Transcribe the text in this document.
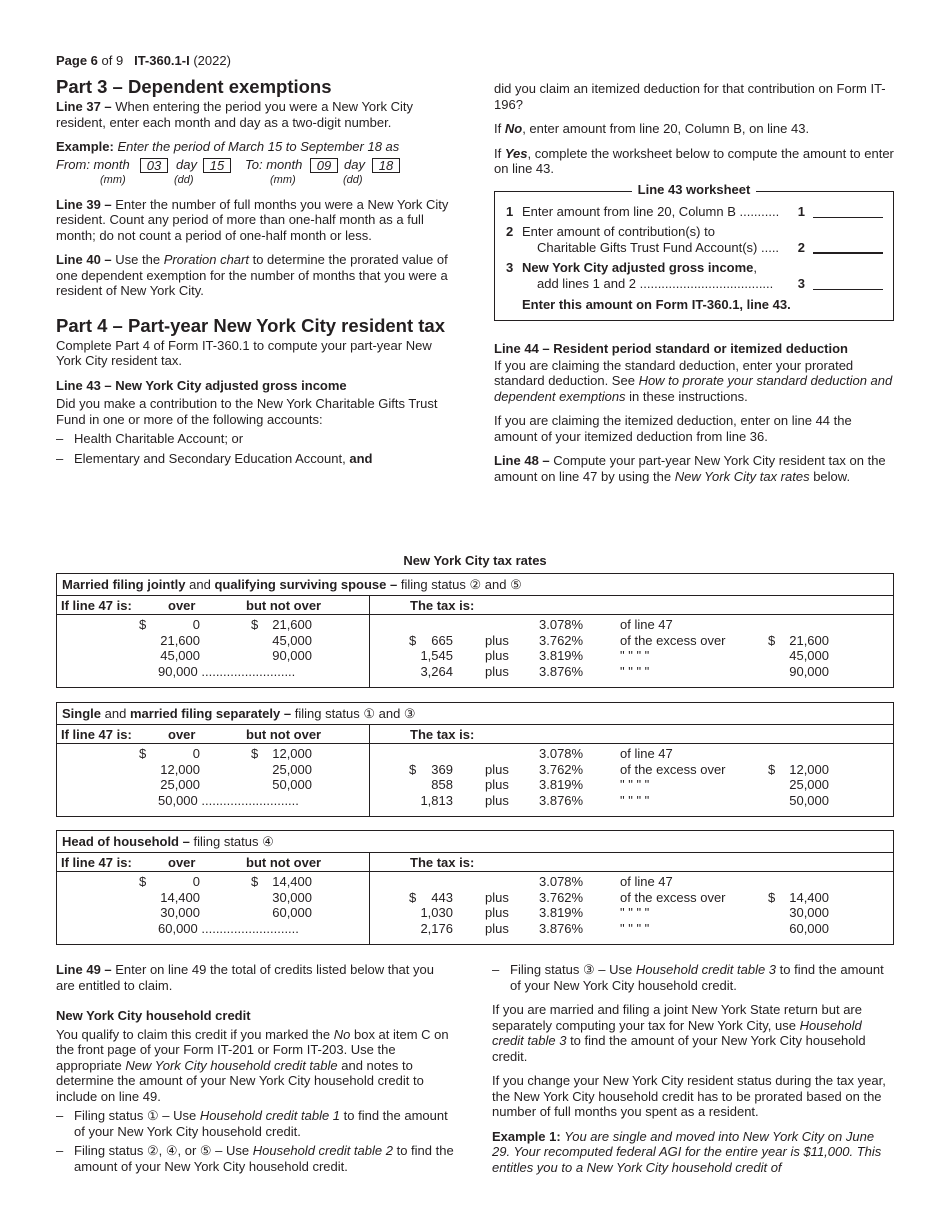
Page 6 of 9 IT-360.1-I (2022)
Part 3 – Dependent exemptions

Line 37 – When entering the period you were a New York City resident, enter each month and day as a two-digit number.

Example: Enter the period of March 15 to September 18 as

From: month	03	day 15	To: month	09 day	18
(mm)	(dd)	(mm)	(dd)

Line 39 – Enter the number of full months you were a New York City resident. Count any period of more than one-half month as a full month; do not count a period of one-half month or less.

Line 40 – Use the Proration chart to determine the prorated value of one dependent exemption for the number of months that you were a resident of New York City.

Part 4 – Part-year New York City resident tax

Complete Part 4 of Form IT-360.1 to compute your part-year New York City resident tax.

Line 43 – New York City adjusted gross income

Did you make a contribution to the New York Charitable Gifts Trust Fund in one or more of the following accounts:

– Health Charitable Account; or
– Elementary and Secondary Education Account, and

did you claim an itemized deduction for that contribution on Form IT-196?

If No, enter amount from line 20, Column B, on line 43.

If Yes, complete the worksheet below to compute the amount to enter on line 43.

Line 43 worksheet
1 Enter amount from line 20, Column B ........... 1
2 Enter amount of contribution(s) to
Charitable Gifts Trust Fund Account(s) ..... 2
3 New York City adjusted gross income,
add lines 1 and 2 ..................................... 3
Enter this amount on Form IT-360.1, line 43.

Line 44 – Resident period standard or itemized deduction

If you are claiming the standard deduction, enter your prorated standard deduction. See How to prorate your standard deduction and dependent exemptions in these instructions.

If you are claiming the itemized deduction, enter on line 44 the amount of your itemized deduction from line 36.

Line 48 – Compute your part-year New York City resident tax on the amount on line 47 by using the New York City tax rates below.

New York City tax rates
Married filing jointly and qualifying surviving spouse – filing status ② and ⑤
If line 47 is:	over	but not over	The tax is:
$	0	$ 21,600	3.078%	of line 47
21,600	45,000	$ 665 plus 3.762%	of the excess over	$ 21,600
45,000	90,000	1,545 plus 3.819%	" " " "	45,000
90,000 ..........................	3,264 plus 3.876%	" " " "	90,000
Single and married filing separately – filing status ① and ③
If line 47 is:	over	but not over	The tax is:
$	0	$ 12,000	3.078%	of line 47
12,000	25,000	$ 369 plus 3.762%	of the excess over	$ 12,000
25,000	50,000	858 plus 3.819%	" " " "	25,000
50,000 ...........................	1,813 plus 3.876%	" " " "	50,000
Head of household – filing status ④
If line 47 is:	over	but not over	The tax is:
$	0	$ 14,400	3.078%	of line 47
14,400	30,000	$ 443 plus 3.762%	of the excess over	$ 14,400
30,000	60,000	1,030 plus 3.819%	" " " "	30,000
60,000 ...........................	2,176 plus 3.876%	" " " "	60,000

Line 49 – Enter on line 49 the total of credits listed below that you are entitled to claim.

New York City household credit

You qualify to claim this credit if you marked the No box at item C on the front page of your Form IT-201 or Form IT-203. Use the appropriate New York City household credit table and notes to determine the amount of your New York City household credit to include on line 49.

– Filing status ① – Use Household credit table 1 to find the amount of your New York City household credit.
– Filing status ②, ④, or ⑤ – Use Household credit table 2 to find the amount of your New York City household credit.
– Filing status ③ – Use Household credit table 3 to find the amount of your New York City household credit.

If you are married and filing a joint New York State return but are separately computing your tax for New York City, use Household credit table 3 to find the amount of your New York City household credit.

If you change your New York City resident status during the tax year, the New York City household credit has to be prorated based on the number of full months you spent as a resident.

Example 1: You are single and moved into New York City on June 29. Your recomputed federal AGI for the entire year is $11,000. This entitles you to a New York City household credit of
